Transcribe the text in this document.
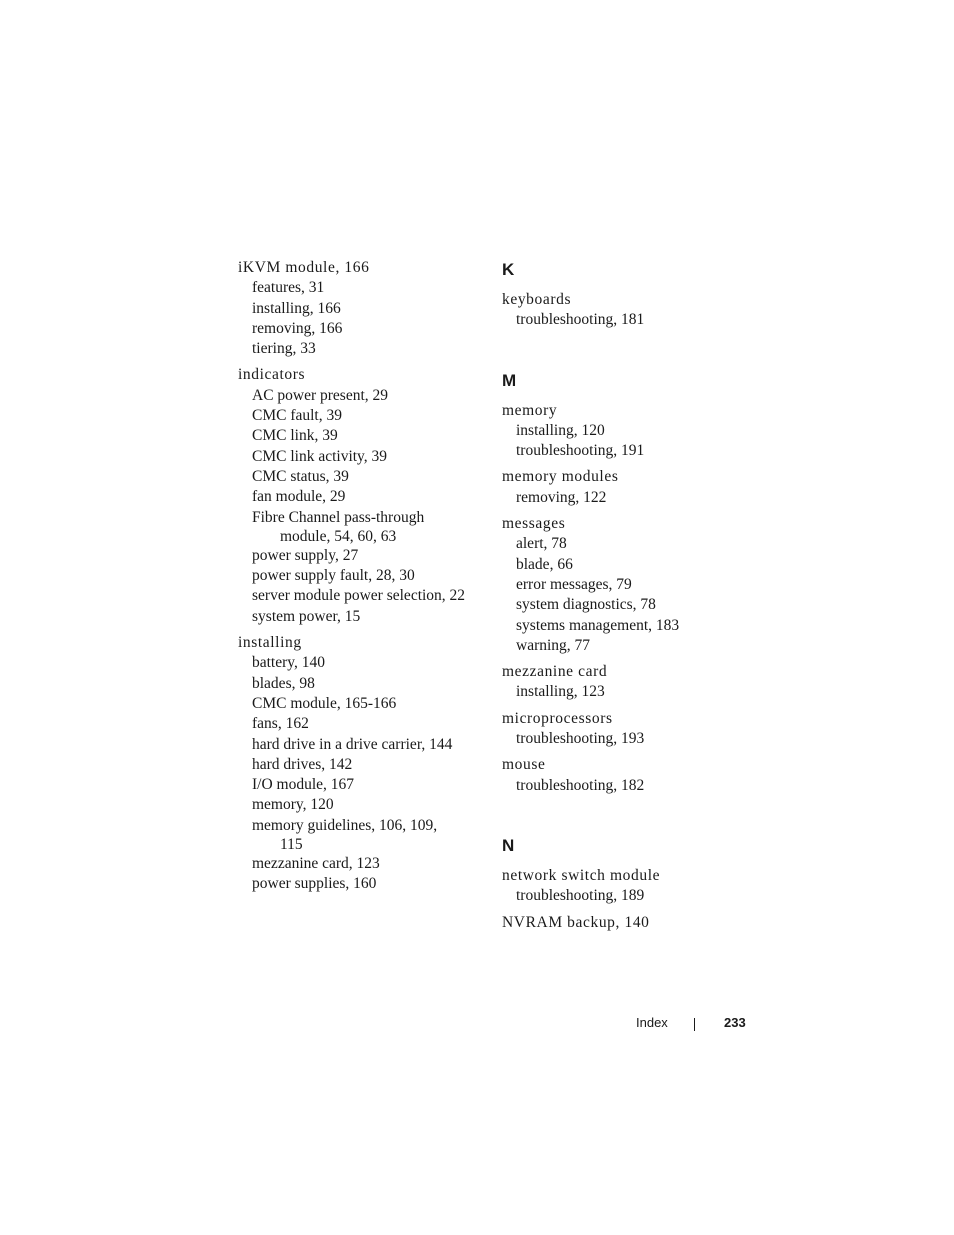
iKVM module, 166
features, 31
installing, 166
removing, 166
tiering, 33
indicators
AC power present, 29
CMC fault, 39
CMC link, 39
CMC link activity, 39
CMC status, 39
fan module, 29
Fibre Channel pass-through
module, 54, 60, 63
power supply, 27
power supply fault, 28, 30
server module power selection, 22
system power, 15
installing
battery, 140
blades, 98
CMC module, 165-166
fans, 162
hard drive in a drive carrier, 144
hard drives, 142
I/O module, 167
memory, 120
memory guidelines, 106, 109,
115
mezzanine card, 123
power supplies, 160
K
keyboards
troubleshooting, 181
M
memory
installing, 120
troubleshooting, 191
memory modules
removing, 122
messages
alert, 78
blade, 66
error messages, 79
system diagnostics, 78
systems management, 183
warning, 77
mezzanine card
installing, 123
microprocessors
troubleshooting, 193
mouse
troubleshooting, 182
N
network switch module
troubleshooting, 189
NVRAM backup, 140
Index	233
